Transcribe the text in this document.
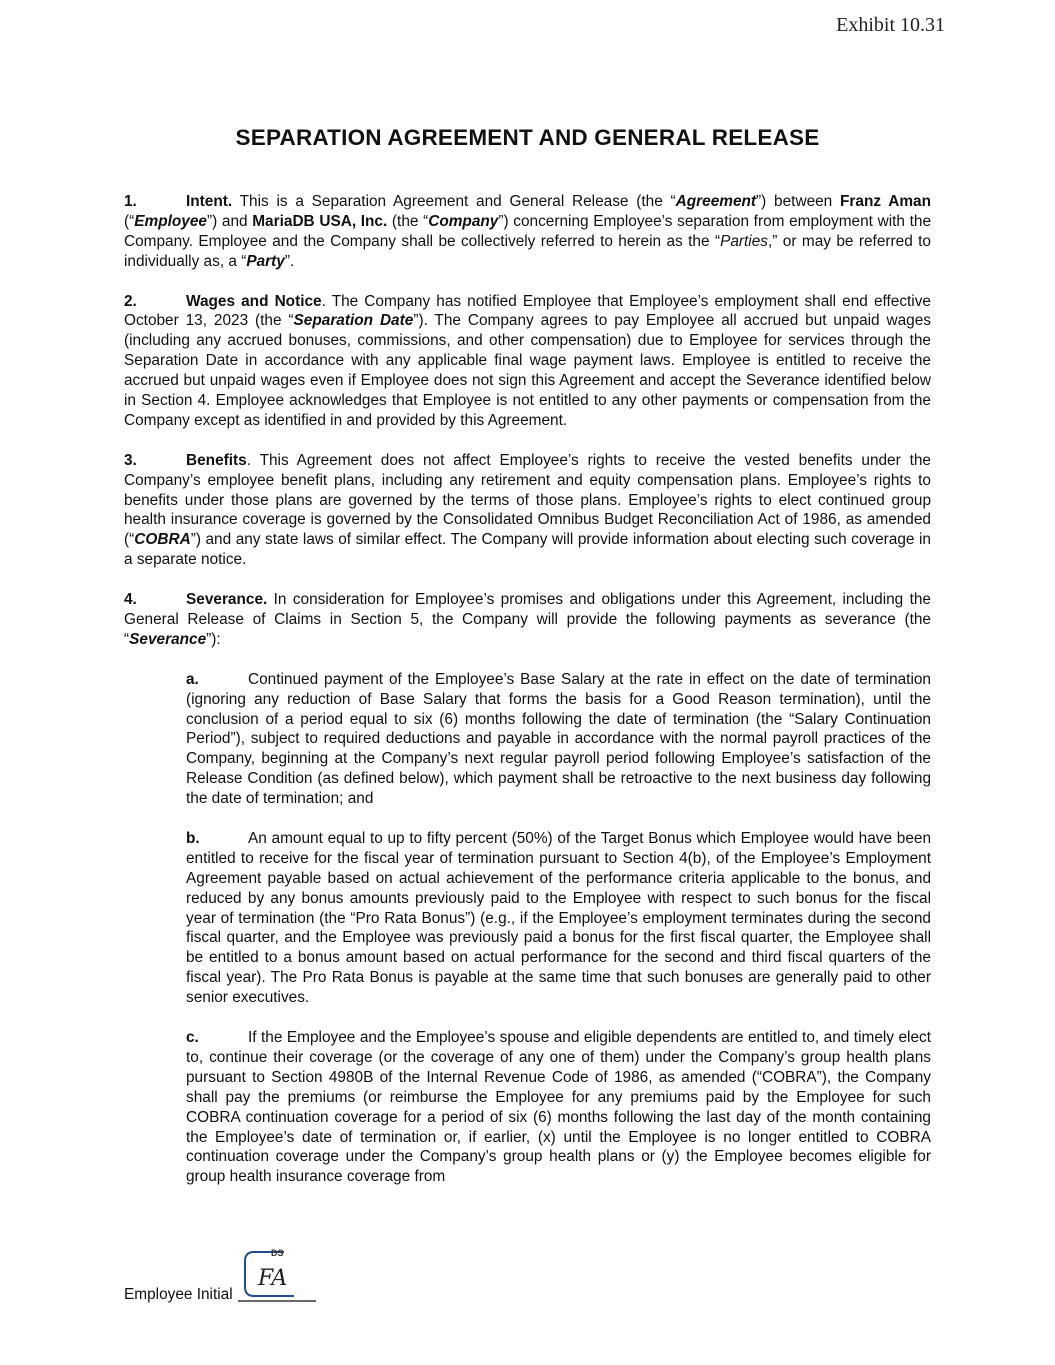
Exhibit 10.31
SEPARATION AGREEMENT AND GENERAL RELEASE

1.	Intent. This is a Separation Agreement and General Release (the “Agreement”) between Franz Aman (“Employee”) and MariaDB USA, Inc. (the “Company”) concerning Employee’s separation from employment with the Company. Employee and the Company shall be collectively referred to herein as the “Parties,” or may be referred to individually as, a “Party”.

2.	Wages and Notice. The Company has notified Employee that Employee’s employment shall end effective October 13, 2023 (the “Separation Date”). The Company agrees to pay Employee all accrued but unpaid wages (including any accrued bonuses, commissions, and other compensation) due to Employee for services through the Separation Date in accordance with any applicable final wage payment laws. Employee is entitled to receive the accrued but unpaid wages even if Employee does not sign this Agreement and accept the Severance identified below in Section 4. Employee acknowledges that Employee is not entitled to any other payments or compensation from the Company except as identified in and provided by this Agreement.

3.	Benefits. This Agreement does not affect Employee’s rights to receive the vested benefits under the Company’s employee benefit plans, including any retirement and equity compensation plans. Employee’s rights to benefits under those plans are governed by the terms of those plans. Employee’s rights to elect continued group health insurance coverage is governed by the Consolidated Omnibus Budget Reconciliation Act of 1986, as amended (“COBRA”) and any state laws of similar effect. The Company will provide information about electing such coverage in a separate notice.

4.	Severance. In consideration for Employee’s promises and obligations under this Agreement, including the General Release of Claims in Section 5, the Company will provide the following payments as severance (the “Severance”):

a.	Continued payment of the Employee’s Base Salary at the rate in effect on the date of termination (ignoring any reduction of Base Salary that forms the basis for a Good Reason termination), until the conclusion of a period equal to six (6) months following the date of termination (the “Salary Continuation Period”), subject to required deductions and payable in accordance with the normal payroll practices of the Company, beginning at the Company’s next regular payroll period following Employee’s satisfaction of the Release Condition (as defined below), which payment shall be retroactive to the next business day following the date of termination; and

b.	An amount equal to up to fifty percent (50%) of the Target Bonus which Employee would have been entitled to receive for the fiscal year of termination pursuant to Section 4(b), of the Employee’s Employment Agreement payable based on actual achievement of the performance criteria applicable to the bonus, and reduced by any bonus amounts previously paid to the Employee with respect to such bonus for the fiscal year of termination (the “Pro Rata Bonus”) (e.g., if the Employee’s employment terminates during the second fiscal quarter, and the Employee was previously paid a bonus for the first fiscal quarter, the Employee shall be entitled to a bonus amount based on actual performance for the second and third fiscal quarters of the fiscal year). The Pro Rata Bonus is payable at the same time that such bonuses are generally paid to other senior executives.

c.	If the Employee and the Employee’s spouse and eligible dependents are entitled to, and timely elect to, continue their coverage (or the coverage of any one of them) under the Company’s group health plans pursuant to Section 4980B of the Internal Revenue Code of 1986, as amended (“COBRA”), the Company shall pay the premiums (or reimburse the Employee for any premiums paid by the Employee for such COBRA continuation coverage for a period of six (6) months following the last day of the month containing the Employee’s date of termination or, if earlier, (x) until the Employee is no longer entitled to COBRA continuation coverage under the Company’s group health plans or (y) the Employee becomes eligible for group health insurance coverage from

Employee Initial
DS
FA
